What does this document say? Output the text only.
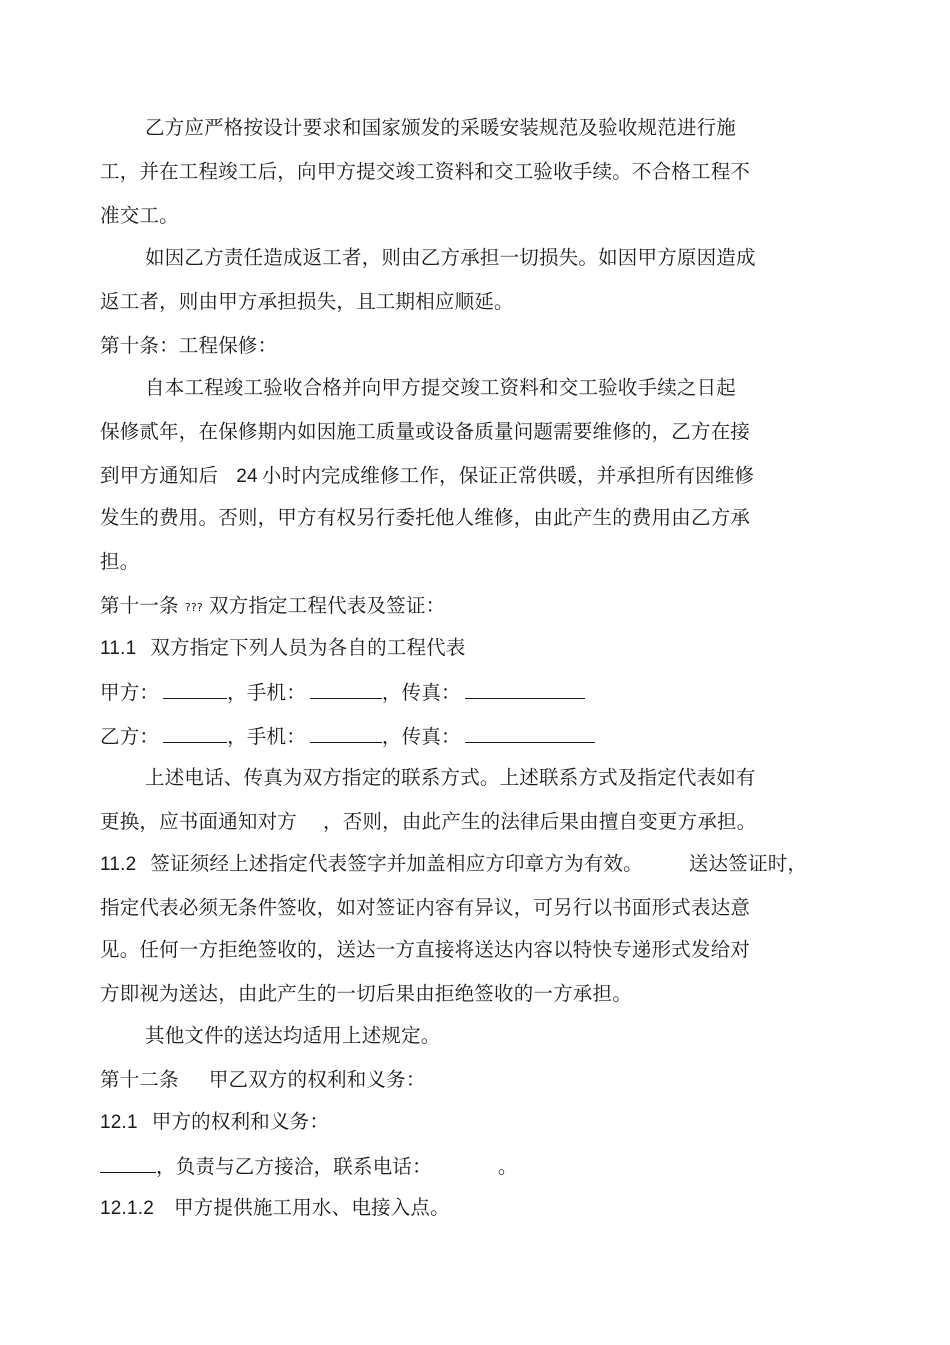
乙方应严格按设计要求和国家颁发的采暖安装规范及验收规范进行施
工，并在工程竣工后，向甲方提交竣工资料和交工验收手续。不合格工程不
准交工。
如因乙方责任造成返工者，则由乙方承担一切损失。如因甲方原因造成
返工者，则由甲方承担损失，且工期相应顺延。
第十条：工程保修：
自本工程竣工验收合格并向甲方提交竣工资料和交工验收手续之日起
保修贰年，在保修期内如因施工质量或设备质量问题需要维修的，乙方在接
到甲方通知后 24 小时内完成维修工作，保证正常供暖，并承担所有因维修
发生的费用。否则，甲方有权另行委托他人维修，由此产生的费用由乙方承
担。
第十一条 ??? 双方指定工程代表及签证：
11.1 双方指定下列人员为各自的工程代表
甲方：	，手机：	，传真：
乙方：	，手机：	，传真：
上述电话、传真为双方指定的联系方式。上述联系方式及指定代表如有
更换，应书面通知对方 ，否则，由此产生的法律后果由擅自变更方承担。
11.2 签证须经上述指定代表签字并加盖相应方印章方为有效。 送达签证时，
指定代表必须无条件签收，如对签证内容有异议，可另行以书面形式表达意
见。任何一方拒绝签收的，送达一方直接将送达内容以特快专递形式发给对
方即视为送达，由此产生的一切后果由拒绝签收的一方承担。
其他文件的送达均适用上述规定。
第十二条 甲乙双方的权利和义务：
12.1 甲方的权利和义务：
，负责与乙方接洽，联系电话：	。
12.1.2 甲方提供施工用水、电接入点。
